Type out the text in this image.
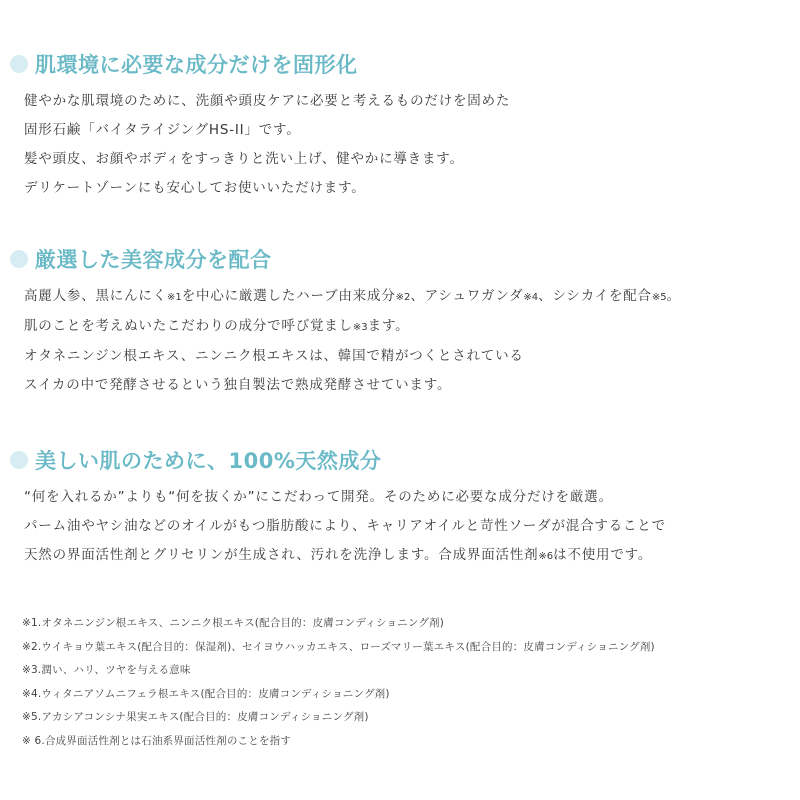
肌環境に必要な成分だけを固形化
健やかな肌環境のために、洗顔や頭皮ケアに必要と考えるものだけを固めた
固形石鹸「バイタライジングHS-II」です。
髪や頭皮、お顔やボディをすっきりと洗い上げ、健やかに導きます。
デリケートゾーンにも安心してお使いいただけます。
厳選した美容成分を配合
高麗人参、黒にんにく※1を中心に厳選したハーブ由来成分※2、アシュワガンダ※4、シシカイを配合※5。
肌のことを考えぬいたこだわりの成分で呼び覚まし※3ます。
オタネニンジン根エキス、ニンニク根エキスは、韓国で精がつくとされている
スイカの中で発酵させるという独自製法で熟成発酵させています。
美しい肌のために、100%天然成分
“何を入れるか”よりも“何を抜くか”にこだわって開発。そのために必要な成分だけを厳選。
パーム油やヤシ油などのオイルがもつ脂肪酸により、キャリアオイルと苛性ソーダが混合することで
天然の界面活性剤とグリセリンが生成され、汚れを洗浄します。合成界面活性剤※6は不使用です。
※1.オタネニンジン根エキス、ニンニク根エキス(配合目的：皮膚コンディショニング剤)
※2.ウイキョウ葉エキス(配合目的：保湿剤)、セイヨウハッカエキス、ローズマリー葉エキス(配合目的：皮膚コンディショニング剤)
※3.潤い、ハリ、ツヤを与える意味
※4.ウィタニアソムニフェラ根エキス(配合目的：皮膚コンディショニング剤)
※5.アカシアコンシナ果実エキス(配合目的：皮膚コンディショニング剤)
※ 6.合成界面活性剤とは石油系界面活性剤のことを指す
